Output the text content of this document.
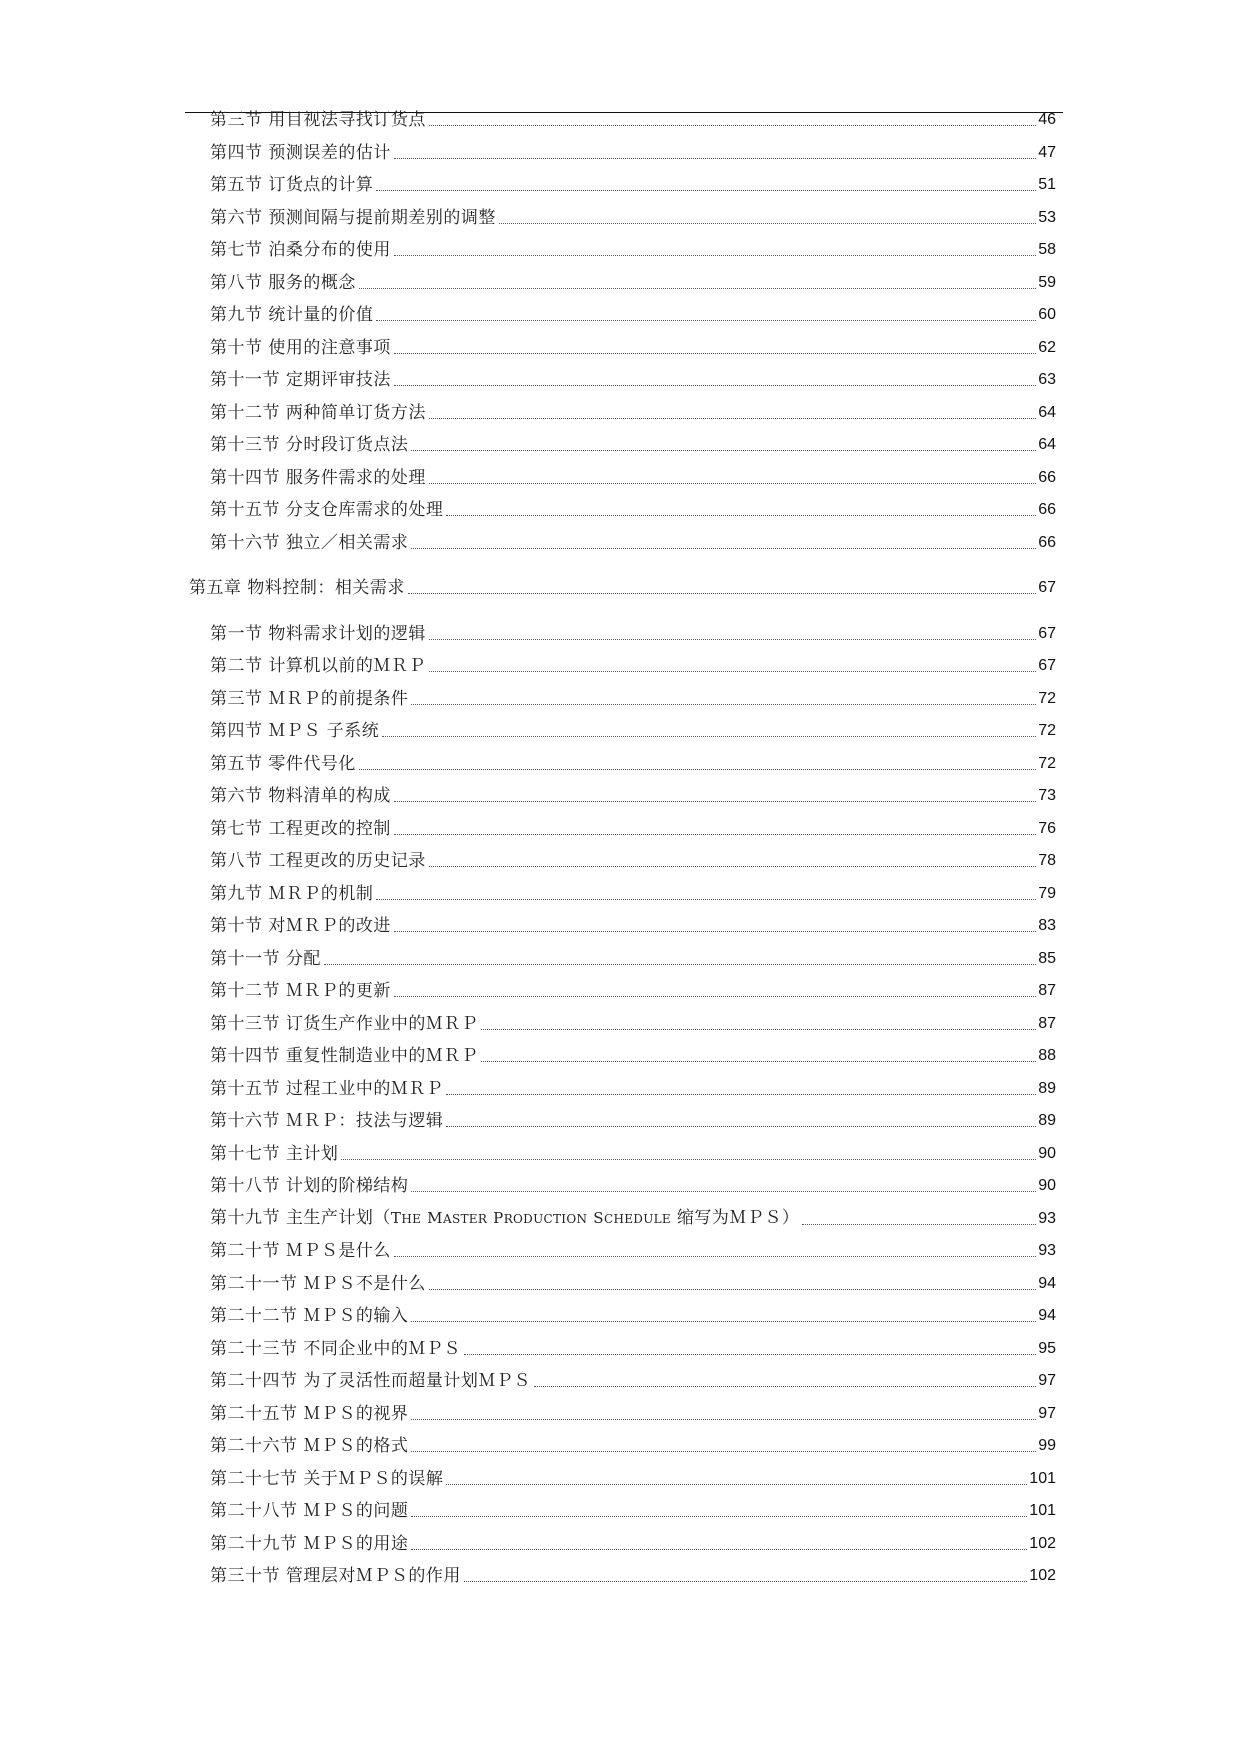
第三节 用目视法寻找订货点	46
第四节 预测误差的估计	47
第五节 订货点的计算	51
第六节 预测间隔与提前期差别的调整	53
第七节 泊桑分布的使用	58
第八节 服务的概念	59
第九节 统计量的价值	60
第十节 使用的注意事项	62
第十一节 定期评审技法	63
第十二节 两种简单订货方法	64
第十三节 分时段订货点法	64
第十四节 服务件需求的处理	66
第十五节 分支仓库需求的处理	66
第十六节 独立／相关需求	66
第五章 物料控制：相关需求	67
第一节 物料需求计划的逻辑	67
第二节 计算机以前的ＭＲＰ	67
第三节 ＭＲＰ的前提条件	72
第四节 ＭＰＳ 子系统	72
第五节 零件代号化	72
第六节 物料清单的构成	73
第七节 工程更改的控制	76
第八节 工程更改的历史记录	78
第九节 ＭＲＰ的机制	79
第十节 对ＭＲＰ的改进	83
第十一节 分配	85
第十二节 ＭＲＰ的更新	87
第十三节 订货生产作业中的ＭＲＰ	87
第十四节 重复性制造业中的ＭＲＰ	88
第十五节 过程工业中的ＭＲＰ	89
第十六节 ＭＲＰ：技法与逻辑	89
第十七节 主计划	90
第十八节 计划的阶梯结构	90
第十九节 主生产计划（THE MASTER PRODUCTION SCHEDULE 缩写为ＭＰＳ）	93
第二十节 ＭＰＳ是什么	93
第二十一节 ＭＰＳ不是什么	94
第二十二节 ＭＰＳ的输入	94
第二十三节 不同企业中的ＭＰＳ	95
第二十四节 为了灵活性而超量计划ＭＰＳ	97
第二十五节 ＭＰＳ的视界	97
第二十六节 ＭＰＳ的格式	99
第二十七节 关于ＭＰＳ的误解	101
第二十八节 ＭＰＳ的问题	101
第二十九节 ＭＰＳ的用途	102
第三十节 管理层对ＭＰＳ的作用	102
